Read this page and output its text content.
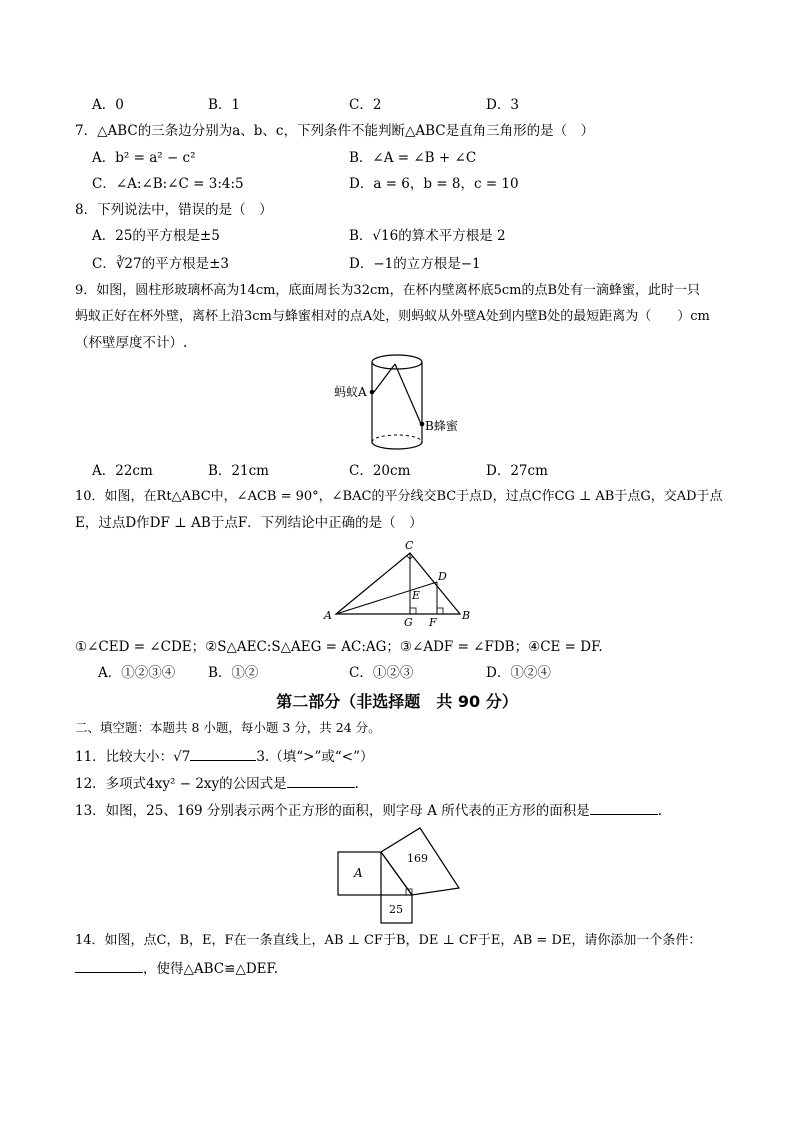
A．0	B．1	C．2	D．3
7．△ABC的三条边分别为a、b、c，下列条件不能判断△ABC是直角三角形的是（　）
A．b² = a² − c²	B．∠A = ∠B + ∠C
C．∠A:∠B:∠C = 3:4:5	D．a = 6，b = 8，c = 10
8．下列说法中，错误的是（　）
A．25的平方根是±5	B．√16的算术平方根是 2
C．∛27的平方根是±3	D．−1的立方根是−1
9．如图，圆柱形玻璃杯高为14cm，底面周长为32cm，在杯内壁离杯底5cm的点B处有一滴蜂蜜，此时一只
蚂蚁正好在杯外壁，离杯上沿3cm与蜂蜜相对的点A处，则蚂蚁从外壁A处到内壁B处的最短距离为（　　）cm
（杯壁厚度不计）.
蚂蚁A
B蜂蜜
A．22cm	B．21cm	C．20cm	D．27cm
10．如图，在Rt△ABC中，∠ACB = 90°，∠BAC的平分线交BC于点D，过点C作CG ⊥ AB于点G，交AD于点
E，过点D作DF ⊥ AB于点F．下列结论中正确的是（　）
C
D
E
A
G F
B
①∠CED = ∠CDE；②S△AEC:S△AEG = AC:AG；③∠ADF = ∠FDB；④CE = DF.
A．①②③④ B．①②	C．①②③	D．①②④
第二部分（非选择题　共 90 分）
二、填空题：本题共 8 小题，每小题 3 分，共 24 分。
11．比较大小：√7	3.（填“>”或“<”）
12．多项式4xy² − 2xy的公因式是	.
13．如图，25、169 分别表示两个正方形的面积，则字母 A 所代表的正方形的面积是	.
A
169
25
14．如图，点C，B，E，F在一条直线上，AB ⊥ CF于B，DE ⊥ CF于E，AB = DE，请你添加一个条件：
，使得△ABC≌△DEF.
